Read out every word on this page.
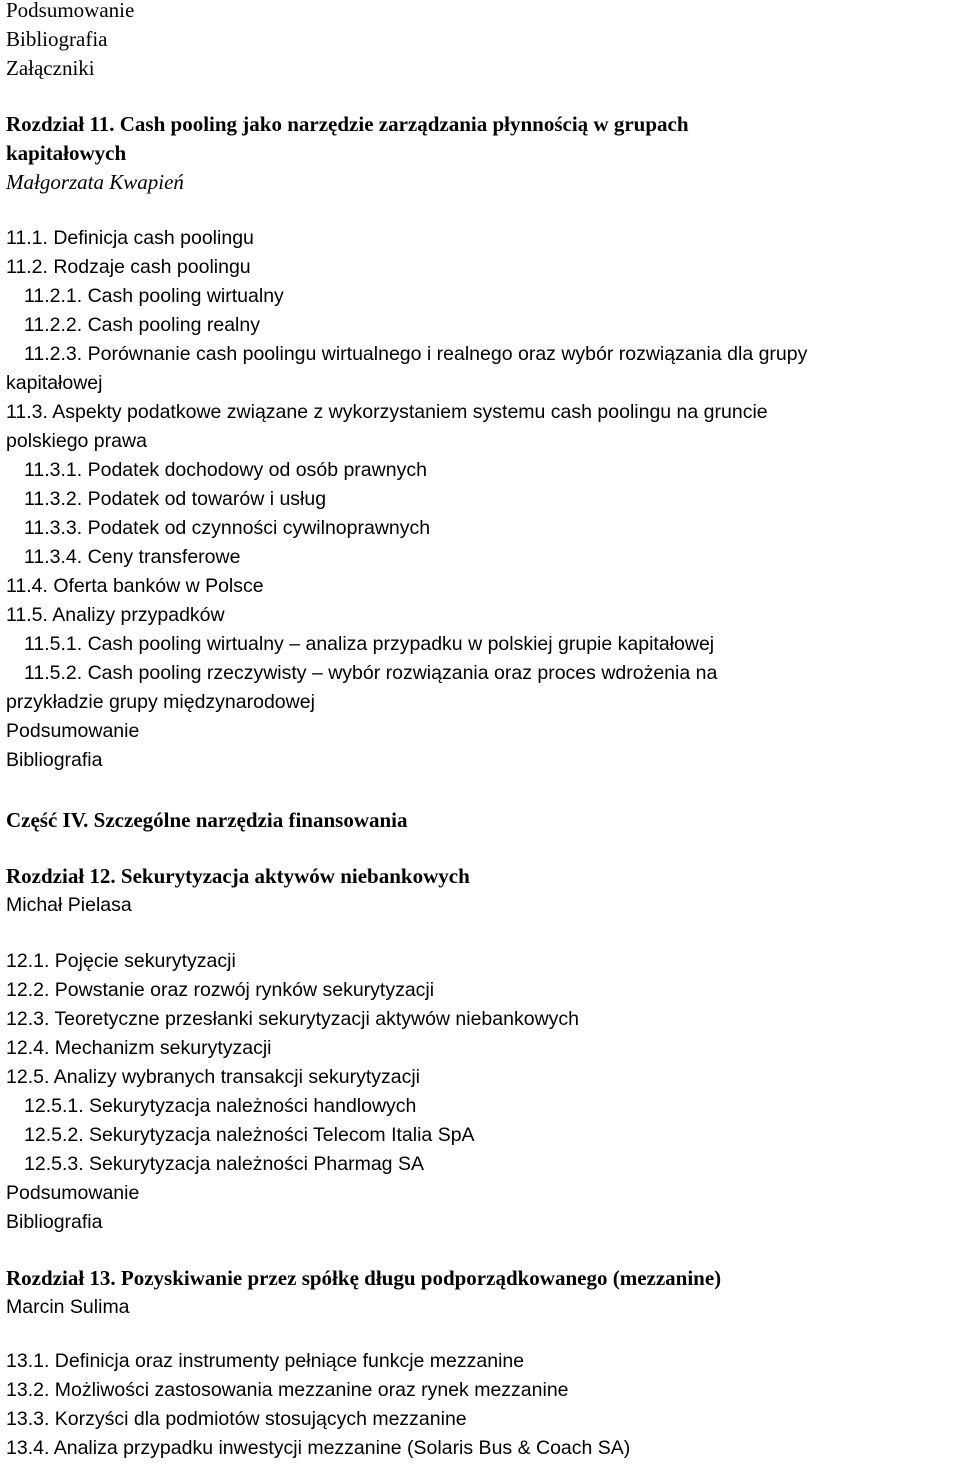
Podsumowanie
Bibliografia
Załączniki
Rozdział 11. Cash pooling jako narzędzie zarządzania płynnością w grupach
kapitałowych
Małgorzata Kwapień
11.1. Definicja cash poolingu
11.2. Rodzaje cash poolingu
11.2.1. Cash pooling wirtualny
11.2.2. Cash pooling realny
11.2.3. Porównanie cash poolingu wirtualnego i realnego oraz wybór rozwiązania dla grupy
kapitałowej
11.3. Aspekty podatkowe związane z wykorzystaniem systemu cash poolingu na gruncie
polskiego prawa
11.3.1. Podatek dochodowy od osób prawnych
11.3.2. Podatek od towarów i usług
11.3.3. Podatek od czynności cywilnoprawnych
11.3.4. Ceny transferowe
11.4. Oferta banków w Polsce
11.5. Analizy przypadków
11.5.1. Cash pooling wirtualny – analiza przypadku w polskiej grupie kapitałowej
11.5.2. Cash pooling rzeczywisty – wybór rozwiązania oraz proces wdrożenia na
przykładzie grupy międzynarodowej
Podsumowanie
Bibliografia
Część IV. Szczególne narzędzia finansowania
Rozdział 12. Sekurytyzacja aktywów niebankowych
Michał Pielasa
12.1. Pojęcie sekurytyzacji
12.2. Powstanie oraz rozwój rynków sekurytyzacji
12.3. Teoretyczne przesłanki sekurytyzacji aktywów niebankowych
12.4. Mechanizm sekurytyzacji
12.5. Analizy wybranych transakcji sekurytyzacji
12.5.1. Sekurytyzacja należności handlowych
12.5.2. Sekurytyzacja należności Telecom Italia SpA
12.5.3. Sekurytyzacja należności Pharmag SA
Podsumowanie
Bibliografia
Rozdział 13. Pozyskiwanie przez spółkę długu podporządkowanego (mezzanine)
Marcin Sulima
13.1. Definicja oraz instrumenty pełniące funkcje mezzanine
13.2. Możliwości zastosowania mezzanine oraz rynek mezzanine
13.3. Korzyści dla podmiotów stosujących mezzanine
13.4. Analiza przypadku inwestycji mezzanine (Solaris Bus & Coach SA)
